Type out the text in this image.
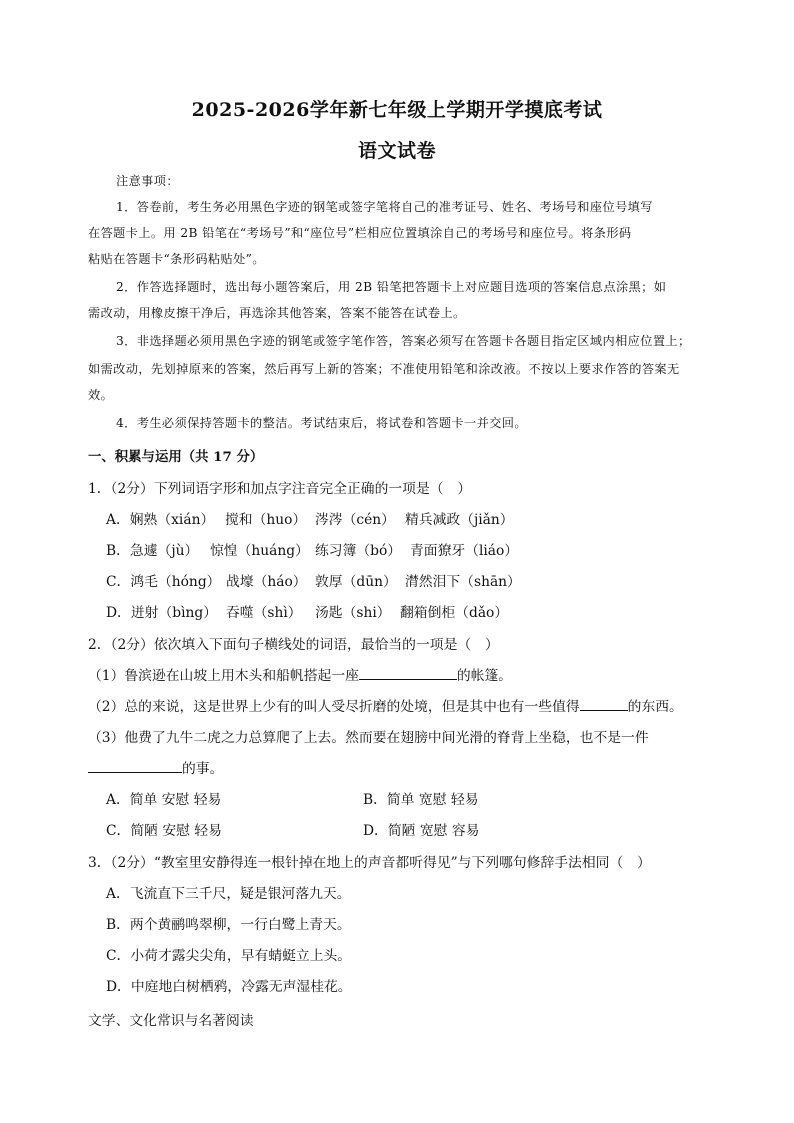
2025-2026学年新七年级上学期开学摸底考试
语文试卷
注意事项：
1．答卷前，考生务必用黑色字迹的钢笔或签字笔将自己的准考证号、姓名、考场号和座位号填写
在答题卡上。用 2B 铅笔在“考场号”和“座位号”栏相应位置填涂自己的考场号和座位号。将条形码
粘贴在答题卡“条形码粘贴处”。
2．作答选择题时，选出每小题答案后，用 2B 铅笔把答题卡上对应题目选项的答案信息点涂黑；如
需改动，用橡皮擦干净后，再选涂其他答案，答案不能答在试卷上。
3．非选择题必须用黑色字迹的钢笔或签字笔作答，答案必须写在答题卡各题目指定区域内相应位置上；
如需改动，先划掉原来的答案，然后再写上新的答案；不准使用铅笔和涂改液。不按以上要求作答的答案无
效。
4．考生必须保持答题卡的整洁。考试结束后，将试卷和答题卡一并交回。
一、积累与运用（共 17 分）
1．（2分）下列词语字形和加点字注音完全正确的一项是（　）
A．娴熟（xián） 搅和（huo） 涔涔（cén） 精兵减政（jiǎn）
B．急遽（jù） 惊惶（huáng） 练习簿（bó） 青面獠牙（liáo）
C．鸿毛（hóng） 战壕（háo） 敦厚（dūn） 潸然泪下（shān）
D．迸射（bìng） 吞噬（shì） 汤匙（shi） 翻箱倒柜（dǎo）
2．（2分）依次填入下面句子横线处的词语，最恰当的一项是（　）
（1）鲁滨逊在山坡上用木头和船帆搭起一座	的帐篷。
（2）总的来说，这是世界上少有的叫人受尽折磨的处境，但是其中也有一些值得	的东西。
（3）他费了九牛二虎之力总算爬了上去。然而要在翅膀中间光滑的脊背上坐稳，也不是一件
的事。
A．简单 安慰 轻易	B．简单 宽慰 轻易
C．简陋 安慰 轻易	D．简陋 宽慰 容易
3．（2分）“教室里安静得连一根针掉在地上的声音都听得见”与下列哪句修辞手法相同（　）
A．飞流直下三千尺，疑是银河落九天。
B．两个黄鹂鸣翠柳，一行白鹭上青天。
C．小荷才露尖尖角，早有蜻蜓立上头。
D．中庭地白树栖鸦，冷露无声湿桂花。
文学、文化常识与名著阅读
